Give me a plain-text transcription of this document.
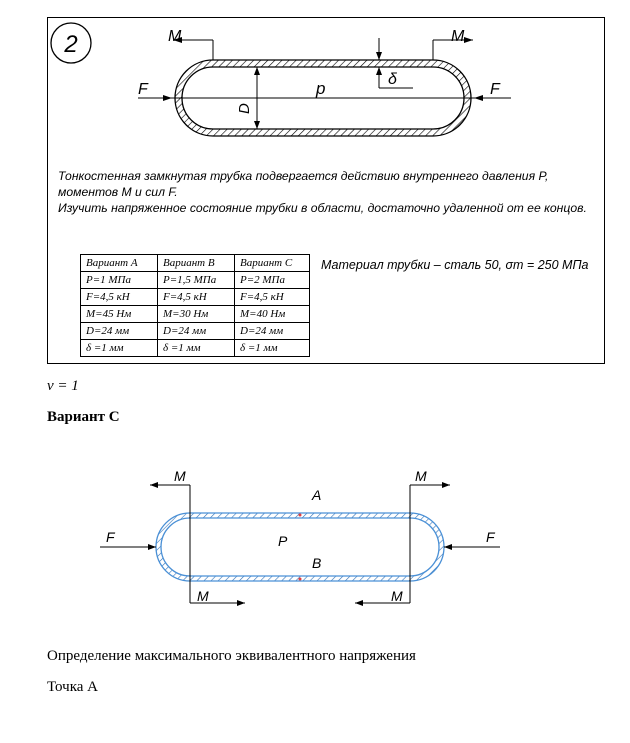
2	M	M
F	F
p
D
δ
Тонкостенная замкнутая трубка подвергается действию внутреннего давления P,
моментов M и сил F.
Изучить напряженное состояние трубки в области, достаточно удаленной от ее концов.
Вариант A	Вариант B	Вариант C
P=1 МПа	P=1,5 МПа	P=2 МПа
F=4,5 кН	F=4,5 кН	F=4,5 кН
M=45 Нм	M=30 Нм	M=40 Нм
D=24 мм	D=24 мм	D=24 мм
δ =1 мм	δ =1 мм	δ =1 мм
Материал трубки – сталь 50, σт = 250 МПа
ν = 1
Вариант C
M	M
M	M
F	F
A
B
P
Определение максимального эквивалентного напряжения
Точка A
